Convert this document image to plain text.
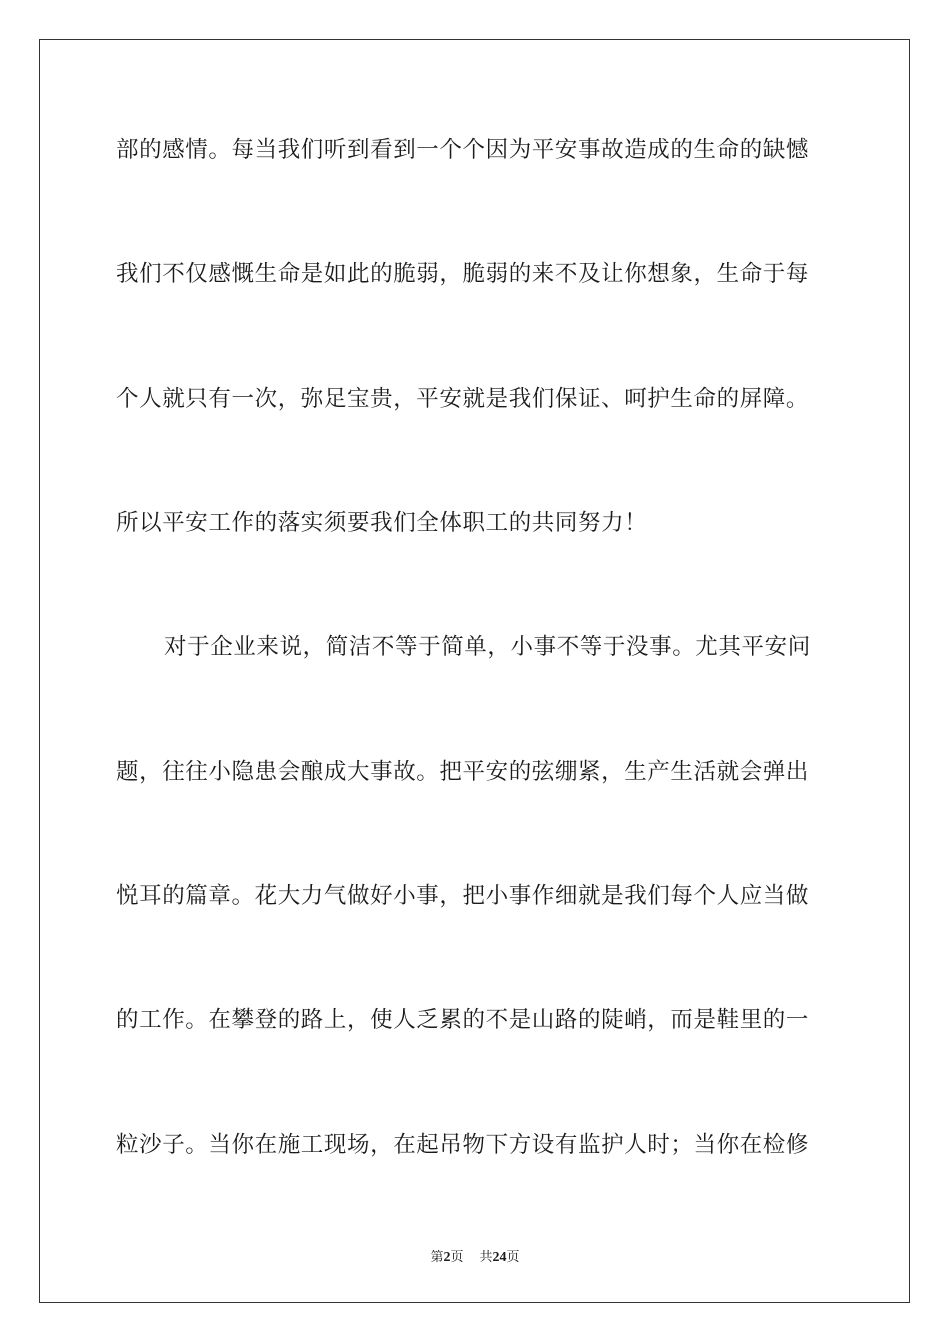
部的感情。每当我们听到看到一个个因为平安事故造成的生命的缺憾
我们不仅感慨生命是如此的脆弱，脆弱的来不及让你想象，生命于每
个人就只有一次，弥足宝贵，平安就是我们保证、呵护生命的屏障。
所以平安工作的落实须要我们全体职工的共同努力！
对于企业来说，简洁不等于简单，小事不等于没事。尤其平安问
题，往往小隐患会酿成大事故。把平安的弦绷紧，生产生活就会弹出
悦耳的篇章。花大力气做好小事，把小事作细就是我们每个人应当做
的工作。在攀登的路上，使人乏累的不是山路的陡峭，而是鞋里的一
粒沙子。当你在施工现场，在起吊物下方设有监护人时；当你在检修
第2页 共24页
